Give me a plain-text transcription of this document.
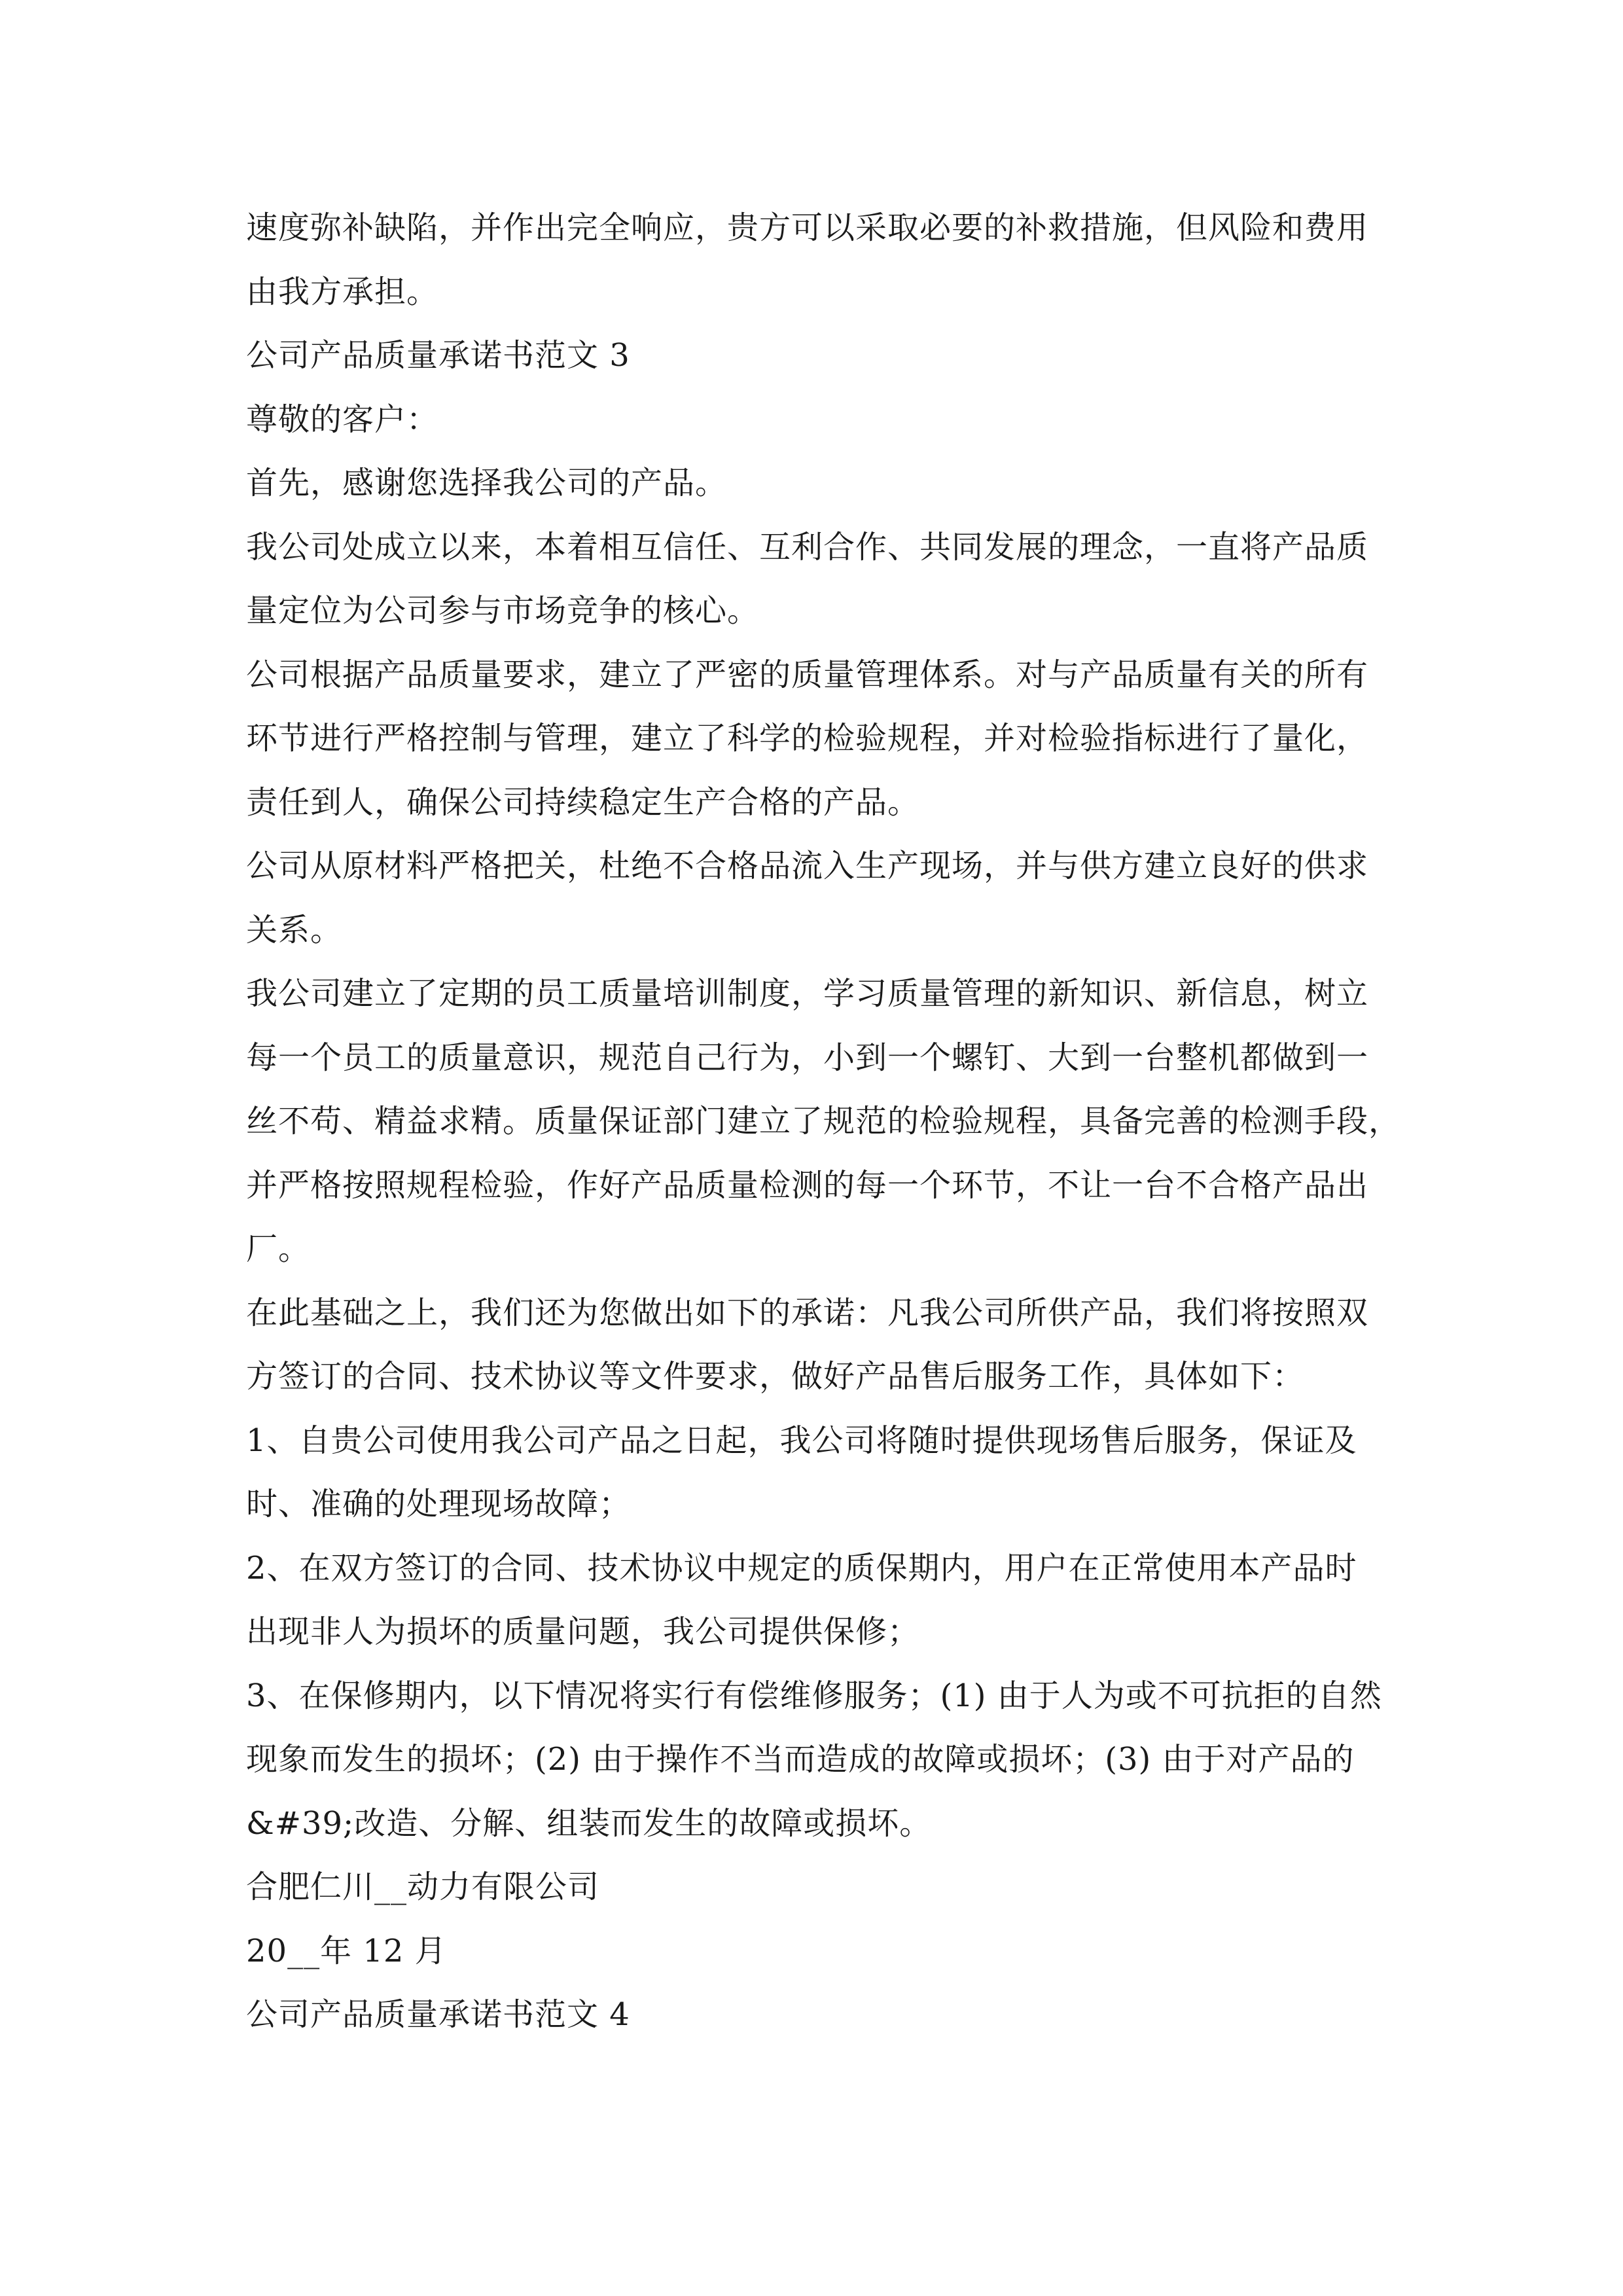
速度弥补缺陷，并作出完全响应，贵方可以采取必要的补救措施，但风险和费用
由我方承担。
公司产品质量承诺书范文 3
尊敬的客户：
首先，感谢您选择我公司的产品。
我公司处成立以来，本着相互信任、互利合作、共同发展的理念，一直将产品质
量定位为公司参与市场竞争的核心。
公司根据产品质量要求，建立了严密的质量管理体系。对与产品质量有关的所有
环节进行严格控制与管理，建立了科学的检验规程，并对检验指标进行了量化，
责任到人，确保公司持续稳定生产合格的产品。
公司从原材料严格把关，杜绝不合格品流入生产现场，并与供方建立良好的供求
关系。
我公司建立了定期的员工质量培训制度，学习质量管理的新知识、新信息，树立
每一个员工的质量意识，规范自己行为，小到一个螺钉、大到一台整机都做到一
丝不苟、精益求精。质量保证部门建立了规范的检验规程，具备完善的检测手段，
并严格按照规程检验，作好产品质量检测的每一个环节，不让一台不合格产品出
厂。
在此基础之上，我们还为您做出如下的承诺：凡我公司所供产品，我们将按照双
方签订的合同、技术协议等文件要求，做好产品售后服务工作，具体如下：
1、自贵公司使用我公司产品之日起，我公司将随时提供现场售后服务，保证及
时、准确的处理现场故障；
2、在双方签订的合同、技术协议中规定的质保期内，用户在正常使用本产品时
出现非人为损坏的质量问题，我公司提供保修；
3、在保修期内，以下情况将实行有偿维修服务；(1) 由于人为或不可抗拒的自然
现象而发生的损坏；(2) 由于操作不当而造成的故障或损坏；(3) 由于对产品的
&#39;改造、分解、组装而发生的故障或损坏。
合肥仁川__动力有限公司
20__年 12 月
公司产品质量承诺书范文 4
